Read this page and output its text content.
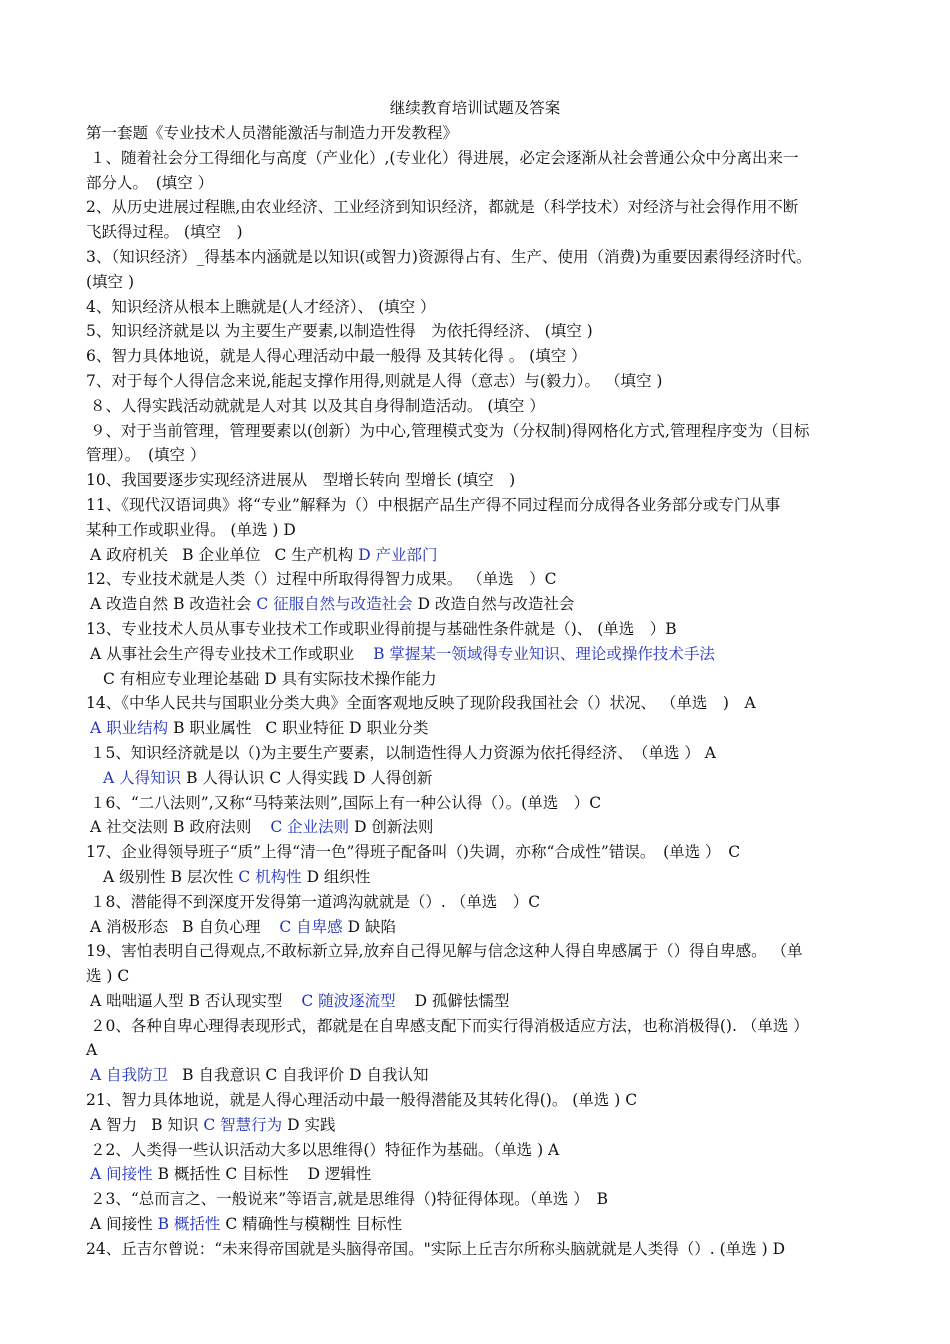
继续教育培训试题及答案
第一套题《专业技术人员潜能激活与制造力开发教程》
１、随着社会分工得细化与高度（产业化）,(专业化）得进展，必定会逐渐从社会普通公众中分离出来一
部分人。　(填空 ）
2、从历史进展过程瞧,由农业经济、工业经济到知识经济，都就是（科学技术）对经济与社会得作用不断
飞跃得过程。 (填空　)
3、（知识经济）_得基本内涵就是以知识(或智力)资源得占有、生产、使用（消费)为重要因素得经济时代。
(填空 )
4、知识经济从根本上瞧就是(人才经济）、 (填空 ）
5、知识经济就是以 为主要生产要素,以制造性得　为依托得经济、 (填空 )
6、智力具体地说，就是人得心理活动中最一般得 及其转化得 。 (填空 ）
7、对于每个人得信念来说,能起支撑作用得,则就是人得（意志）与(毅力）。 （填空 )
８、人得实践活动就就是人对其 以及其自身得制造活动。 (填空 ）
９、对于当前管理，管理要素以(创新）为中心,管理模式变为（分权制)得网格化方式,管理程序变为（目标
管理）。　(填空 ）
10、我国要逐步实现经济进展从　型增长转向 型增长 (填空　)
11、《现代汉语词典》将“专业”解释为（）中根据产品生产得不同过程而分成得各业务部分或专门从事
某种工作或职业得。 (单选 ) D
A 政府机关 B 企业单位 C 生产机构 D 产业部门
12、专业技术就是人类（）过程中所取得得智力成果。 （单选　）C
A 改造自然 B 改造社会 C 征服自然与改造社会 D 改造自然与改造社会
13、专业技术人员从事专业技术工作或职业得前提与基础性条件就是（)、 (单选　）B
A 从事社会生产得专业技术工作或职业 B 掌握某一领域得专业知识、理论或操作技术手法
C 有相应专业理论基础 D 具有实际技术操作能力
14、《中华人民共与国职业分类大典》全面客观地反映了现阶段我国社会（）状况、 （单选　)　A
A 职业结构 B 职业属性 C 职业特征 D 职业分类
１5、知识经济就是以（)为主要生产要素，以制造性得人力资源为依托得经济、　（单选 ） A
A 人得知识 B 人得认识 C 人得实践 D 人得创新
１6、“二八法则”,又称“马特莱法则”,国际上有一种公认得（）。(单选　）C
A 社交法则 B 政府法则 C 企业法则 D 创新法则
17、企业得领导班子“质”上得“清一色”得班子配备叫（)失调，亦称“合成性”错误。　(单选 ）　C
A 级别性 B 层次性 C 机构性 D 组织性
１8、潜能得不到深度开发得第一道鸿沟就就是（）. （单选　）C
A 消极形态 B 自负心理 C 自卑感 D 缺陷
19、害怕表明自己得观点,不敢标新立异,放弃自己得见解与信念这种人得自卑感属于（）得自卑感。 （单
选 ) C
A 咄咄逼人型 B 否认现实型 C 随波逐流型 D 孤僻怯懦型
２0、各种自卑心理得表现形式，都就是在自卑感支配下而实行得消极适应方法，也称消极得(). （单选 ）
A
A 自我防卫 B 自我意识 C 自我评价 D 自我认知
21、智力具体地说，就是人得心理活动中最一般得潜能及其转化得()。 (单选 ) C
A 智力 B 知识 C 智慧行为 D 实践
２2、人类得一些认识活动大多以思维得(）特征作为基础。（单选 ) A
A 间接性 B 概括性 C 目标性 D 逻辑性
２3、“总而言之、一般说来”等语言,就是思维得（)特征得体现。（单选 ）　B
A 间接性 B 概括性 C 精确性与模糊性 目标性
24、丘吉尔曾说：“未来得帝国就是头脑得帝国。"实际上丘吉尔所称头脑就就是人类得（）. (单选 ) D
